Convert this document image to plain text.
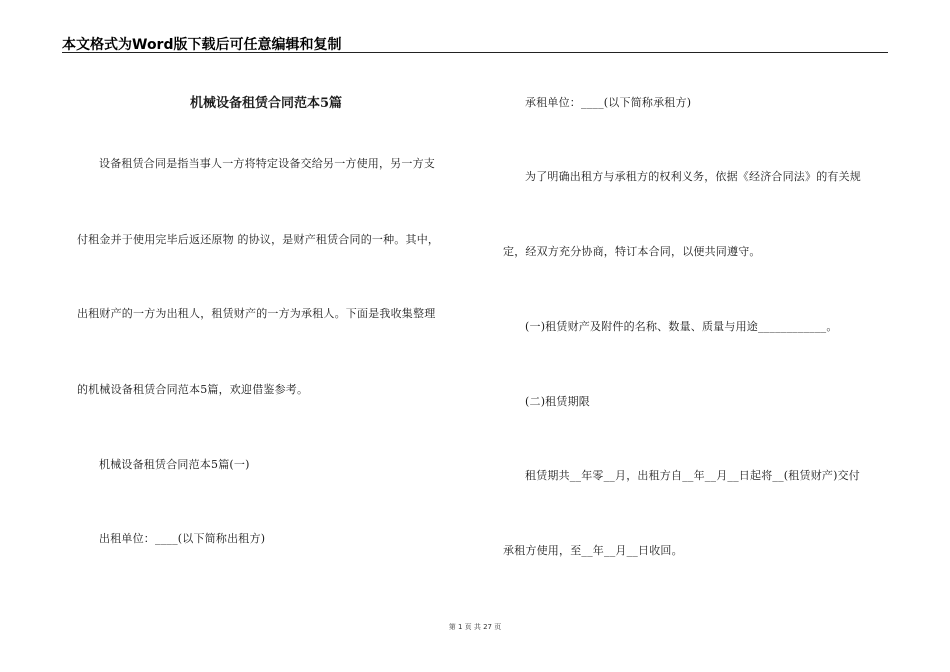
本文格式为Word版下载后可任意编辑和复制
机械设备租赁合同范本5篇
设备租赁合同是指当事人一方将特定设备交给另一方使用，另一方支
付租金并于使用完毕后返还原物 的协议，是财产租赁合同的一种。其中，
出租财产的一方为出租人，租赁财产的一方为承租人。下面是我收集整理
的机械设备租赁合同范本5篇，欢迎借鉴参考。
机械设备租赁合同范本5篇(一)
出租单位：____(以下简称出租方)
承租单位：____(以下简称承租方)
为了明确出租方与承租方的权利义务，依据《经济合同法》的有关规
定，经双方充分协商，特订本合同，以便共同遵守。
(一)租赁财产及附件的名称、数量、质量与用途____________。
(二)租赁期限
租赁期共__年零__月，出租方自__年__月__日起将__(租赁财产)交付
承租方使用，至__年__月__日收回。
第 1 页 共 27 页
